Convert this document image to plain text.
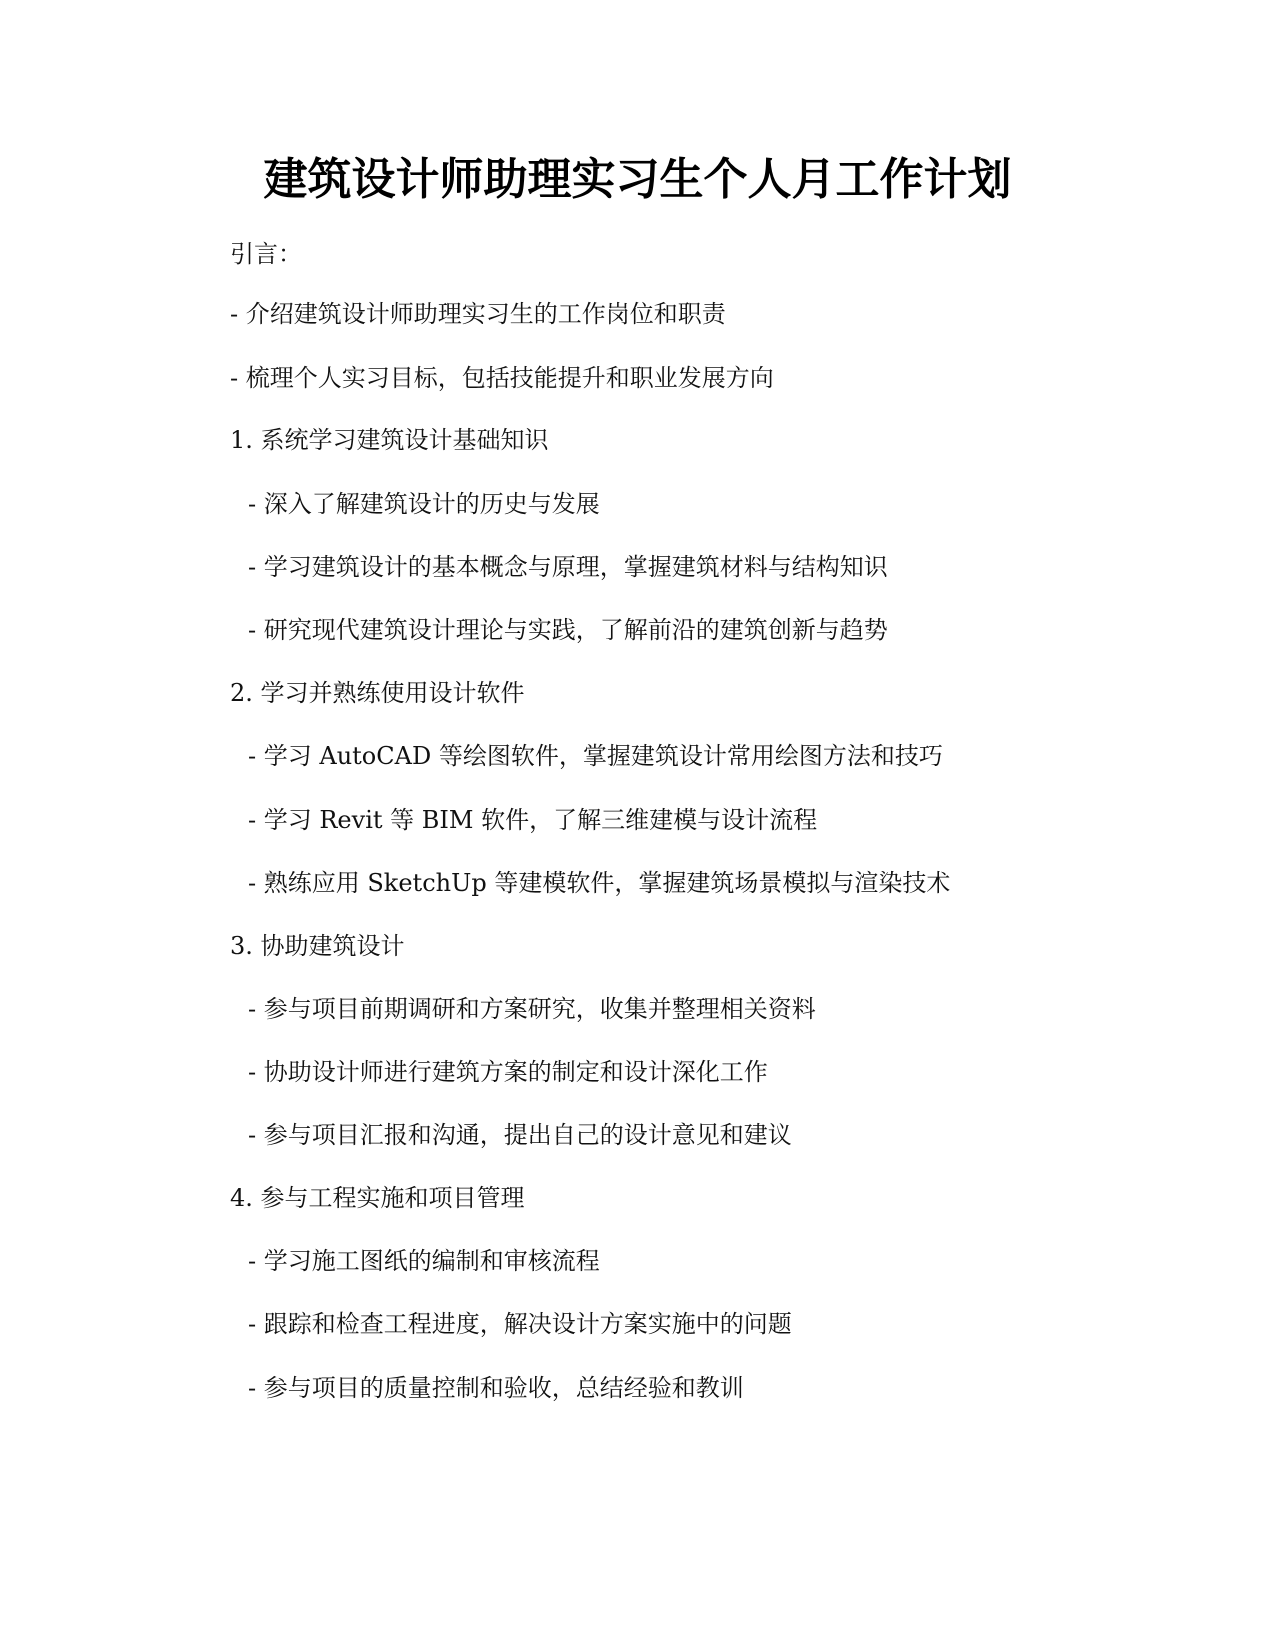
建筑设计师助理实习生个人月工作计划

引言：

- 介绍建筑设计师助理实习生的工作岗位和职责

- 梳理个人实习目标，包括技能提升和职业发展方向

1. 系统学习建筑设计基础知识

- 深入了解建筑设计的历史与发展

- 学习建筑设计的基本概念与原理，掌握建筑材料与结构知识

- 研究现代建筑设计理论与实践，了解前沿的建筑创新与趋势

2. 学习并熟练使用设计软件

- 学习 AutoCAD 等绘图软件，掌握建筑设计常用绘图方法和技巧

- 学习 Revit 等 BIM 软件，了解三维建模与设计流程

- 熟练应用 SketchUp 等建模软件，掌握建筑场景模拟与渲染技术

3. 协助建筑设计

- 参与项目前期调研和方案研究，收集并整理相关资料

- 协助设计师进行建筑方案的制定和设计深化工作

- 参与项目汇报和沟通，提出自己的设计意见和建议

4. 参与工程实施和项目管理

- 学习施工图纸的编制和审核流程

- 跟踪和检查工程进度，解决设计方案实施中的问题

- 参与项目的质量控制和验收，总结经验和教训
